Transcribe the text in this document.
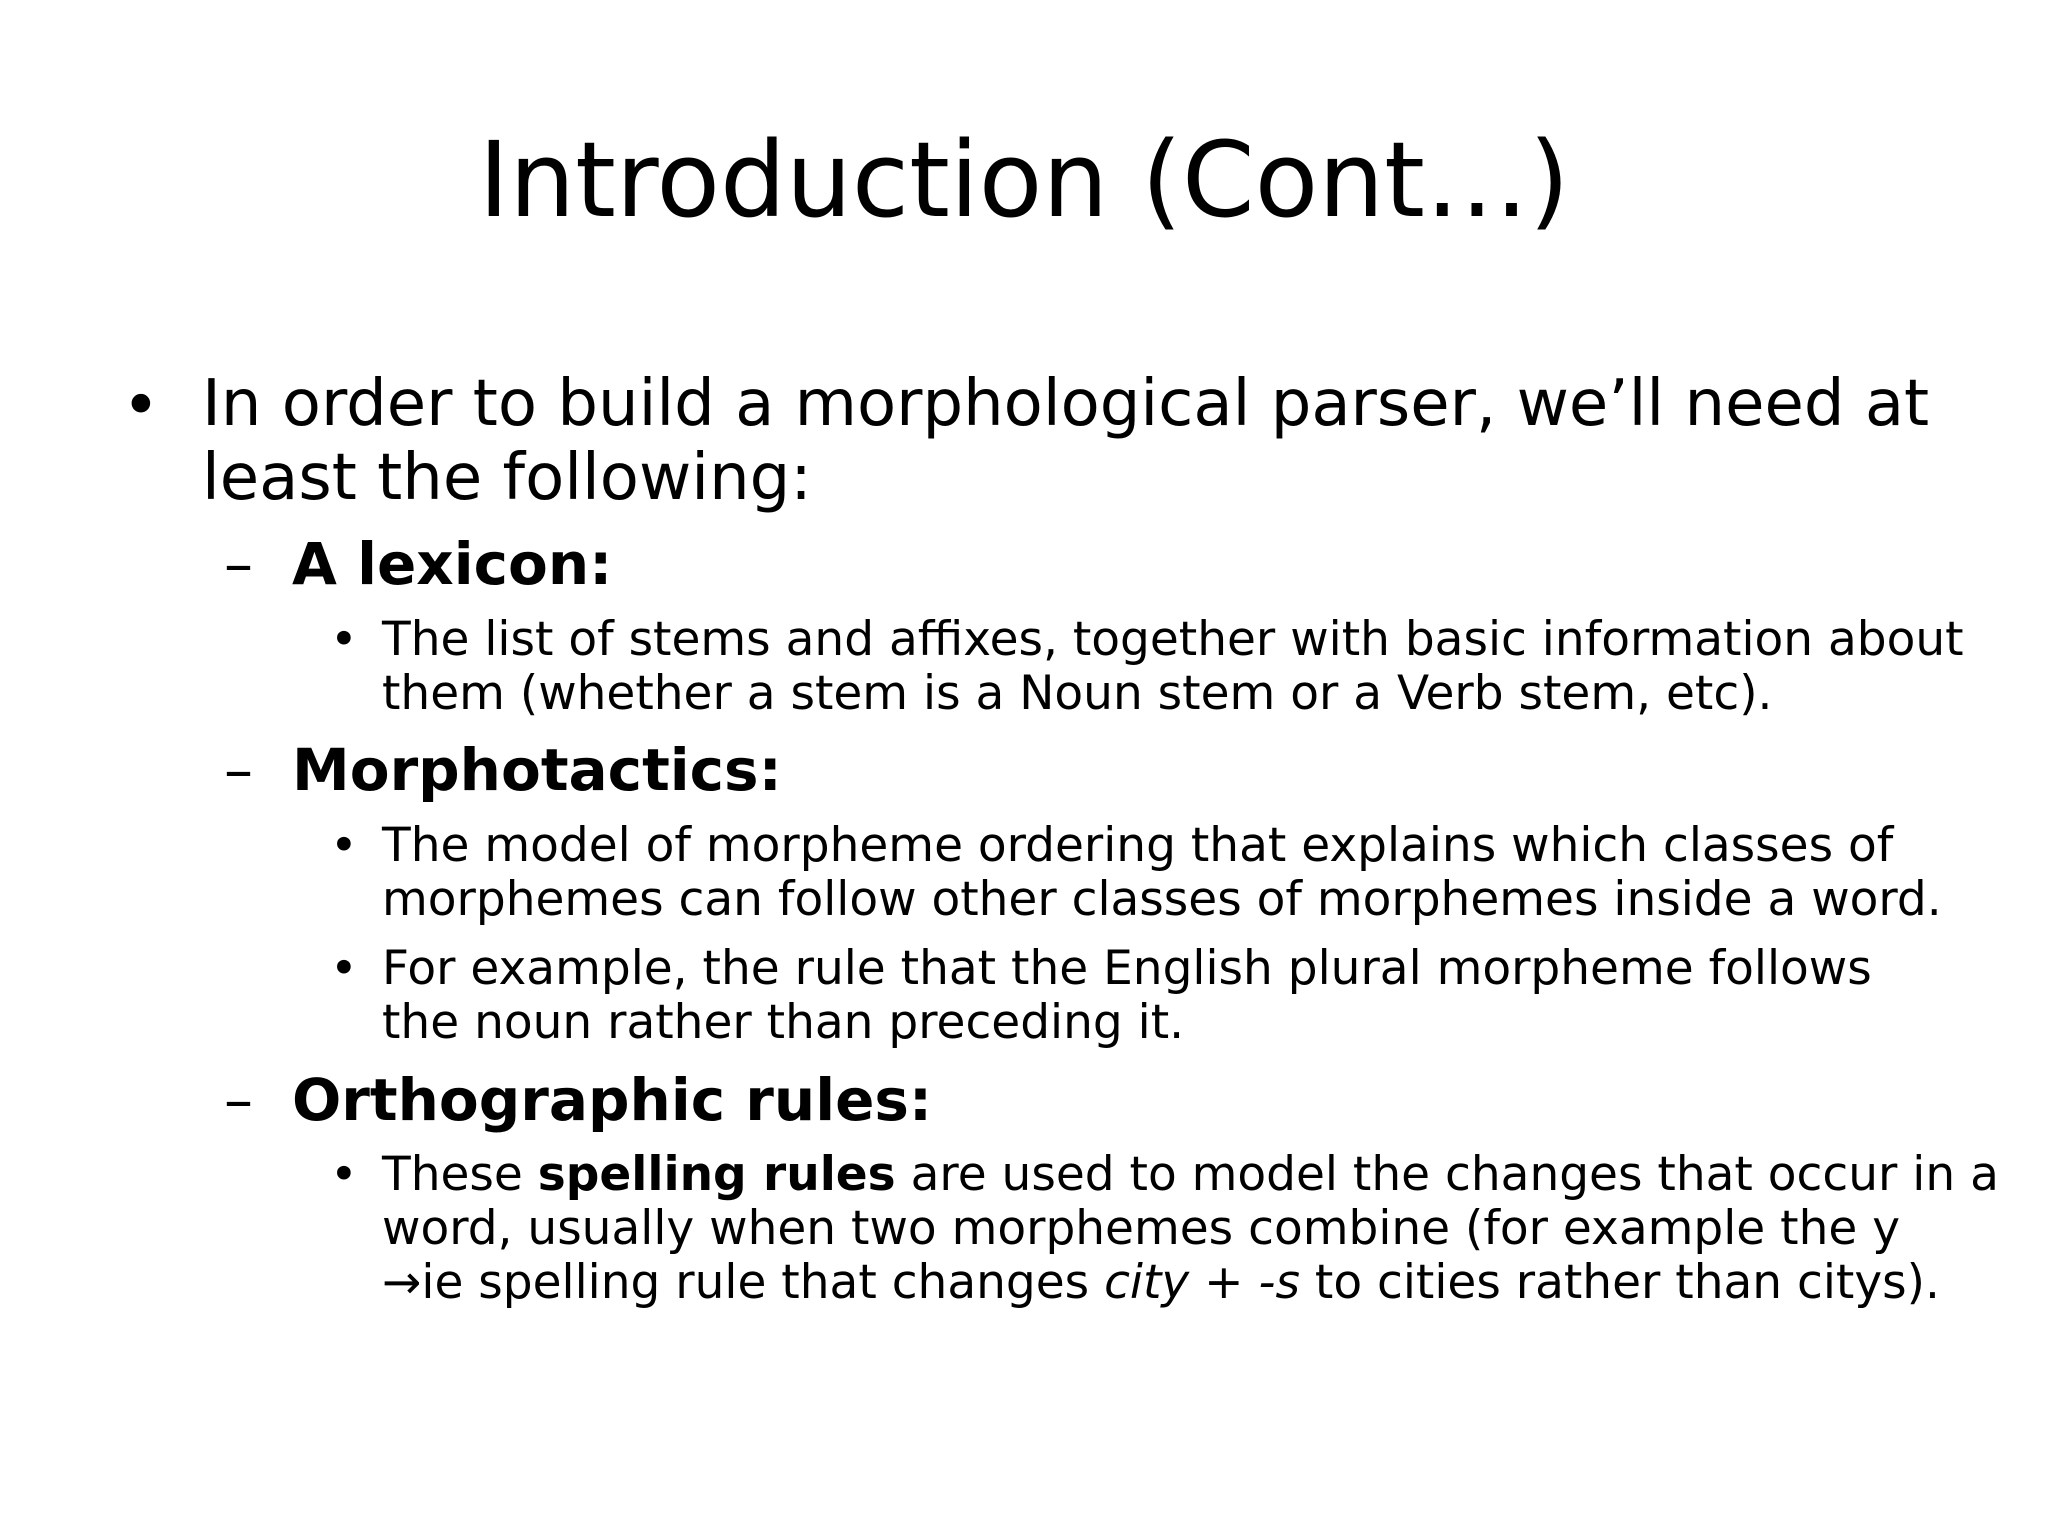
Introduction (Cont…)
• In order to build a morphological parser, we’ll need at
least the following:
– A lexicon:
• The list of stems and affixes, together with basic information about
them (whether a stem is a Noun stem or a Verb stem, etc).
– Morphotactics:
• The model of morpheme ordering that explains which classes of
morphemes can follow other classes of morphemes inside a word.
• For example, the rule that the English plural morpheme follows
the noun rather than preceding it.
– Orthographic rules:
• These spelling rules are used to model the changes that occur in a
word, usually when two morphemes combine (for example the y
→ie spelling rule that changes city + -s to cities rather than citys).
